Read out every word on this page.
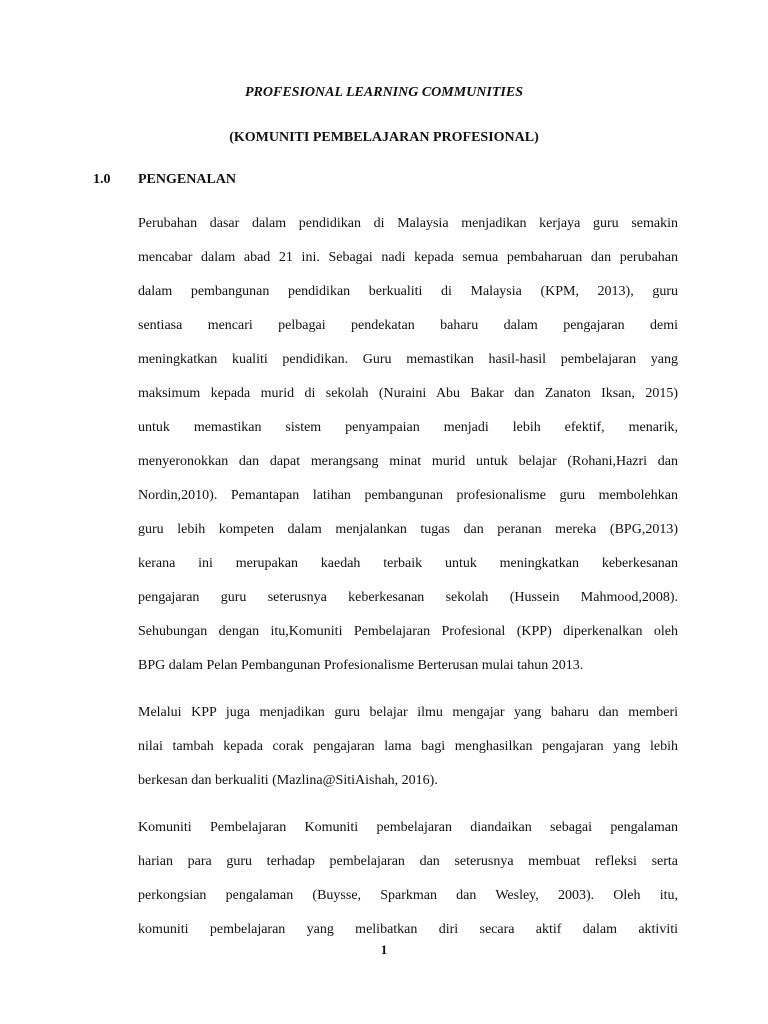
PROFESIONAL LEARNING COMMUNITIES
(KOMUNITI PEMBELAJARAN PROFESIONAL)
1.0 PENGENALAN
Perubahan dasar dalam pendidikan di Malaysia menjadikan kerjaya guru semakin
mencabar dalam abad 21 ini. Sebagai nadi kepada semua pembaharuan dan perubahan
dalam pembangunan pendidikan berkualiti di Malaysia (KPM, 2013), guru
sentiasa mencari pelbagai pendekatan baharu dalam pengajaran demi
meningkatkan kualiti pendidikan. Guru memastikan hasil-hasil pembelajaran yang
maksimum kepada murid di sekolah (Nuraini Abu Bakar dan Zanaton Iksan, 2015)
untuk memastikan sistem penyampaian menjadi lebih efektif, menarik,
menyeronokkan dan dapat merangsang minat murid untuk belajar (Rohani,Hazri dan
Nordin,2010). Pemantapan latihan pembangunan profesionalisme guru membolehkan
guru lebih kompeten dalam menjalankan tugas dan peranan mereka (BPG,2013)
kerana ini merupakan kaedah terbaik untuk meningkatkan keberkesanan
pengajaran guru seterusnya keberkesanan sekolah (Hussein Mahmood,2008).
Sehubungan dengan itu,Komuniti Pembelajaran Profesional (KPP) diperkenalkan oleh
BPG dalam Pelan Pembangunan Profesionalisme Berterusan mulai tahun 2013.
Melalui KPP juga menjadikan guru belajar ilmu mengajar yang baharu dan memberi
nilai tambah kepada corak pengajaran lama bagi menghasilkan pengajaran yang lebih
berkesan dan berkualiti (Mazlina@SitiAishah, 2016).
Komuniti Pembelajaran Komuniti pembelajaran diandaikan sebagai pengalaman
harian para guru terhadap pembelajaran dan seterusnya membuat refleksi serta
perkongsian pengalaman (Buysse, Sparkman dan Wesley, 2003). Oleh itu,
komuniti pembelajaran yang melibatkan diri secara aktif dalam aktiviti
1
